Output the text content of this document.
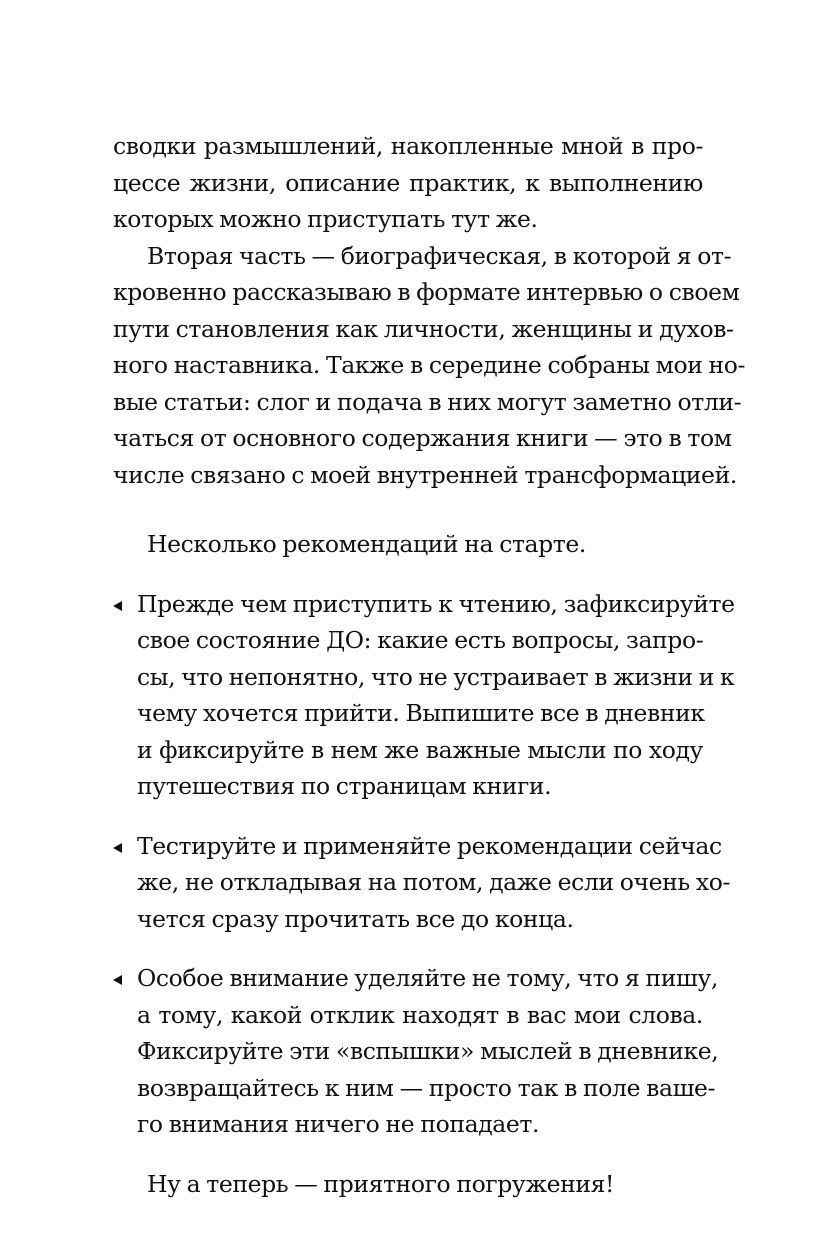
сводки размышлений, накопленные мной в про-
цессе жизни, описание практик, к выполнению
которых можно приступать тут же.
Вторая часть — биографическая, в которой я от-
кровенно рассказываю в формате интервью о своем
пути становления как личности, женщины и духов-
ного наставника. Также в середине собраны мои но-
вые статьи: слог и подача в них могут заметно отли-
чаться от основного содержания книги — это в том
числе связано с моей внутренней трансформацией.
Несколько рекомендаций на старте.
Прежде чем приступить к чтению, зафиксируйте
свое состояние ДО: какие есть вопросы, запро-
сы, что непонятно, что не устраивает в жизни и к
чему хочется прийти. Выпишите все в дневник
и фиксируйте в нем же важные мысли по ходу
путешествия по страницам книги.
Тестируйте и применяйте рекомендации сейчас
же, не откладывая на потом, даже если очень хо-
чется сразу прочитать все до конца.
Особое внимание уделяйте не тому, что я пишу,
а тому, какой отклик находят в вас мои слова.
Фиксируйте эти «вспышки» мыслей в дневнике,
возвращайтесь к ним — просто так в поле ваше-
го внимания ничего не попадает.
Ну а теперь — приятного погружения!
